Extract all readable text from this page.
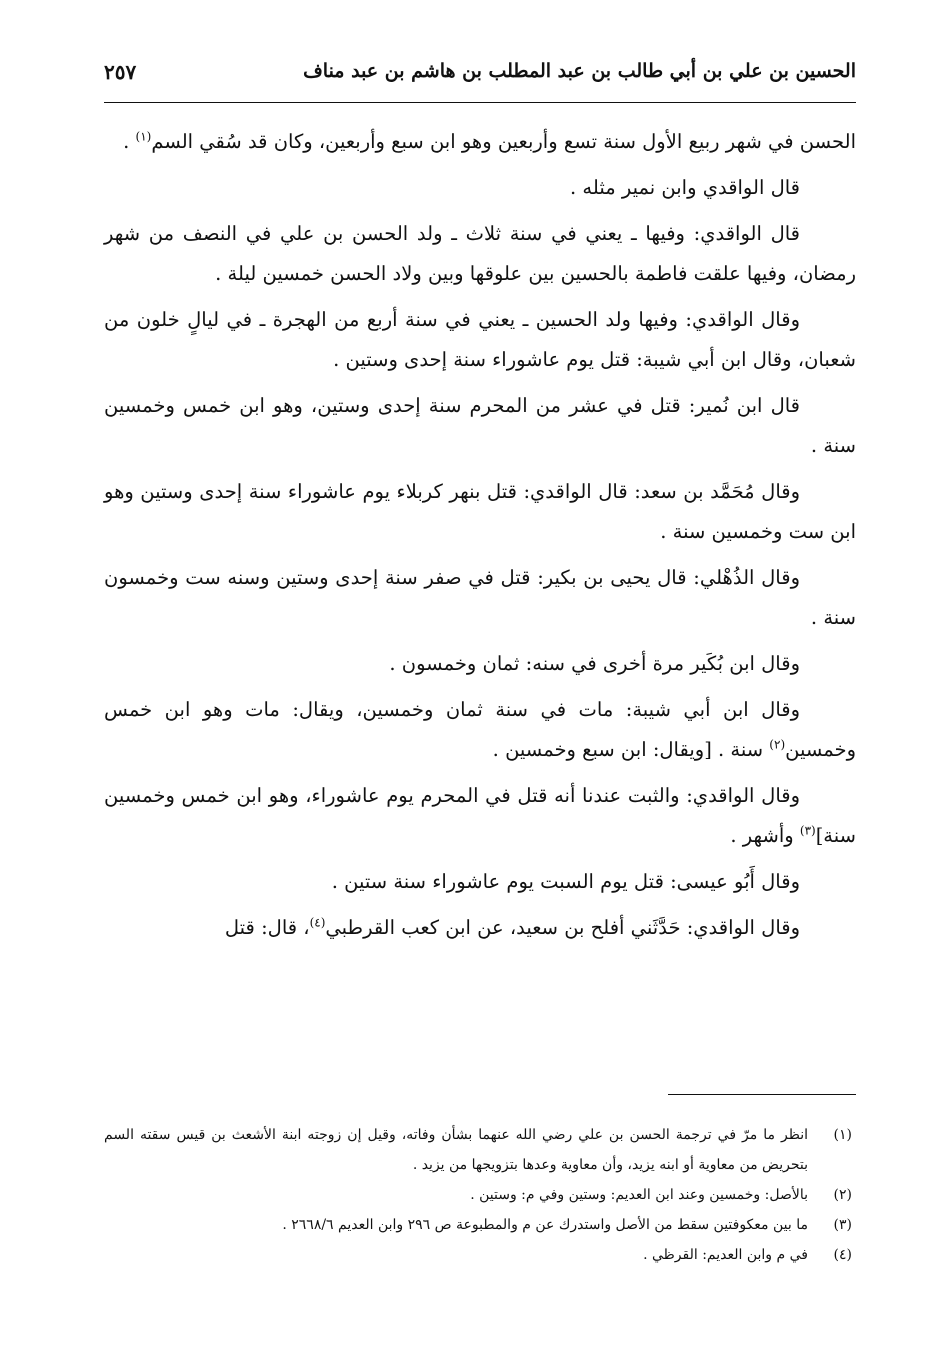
الحسين بن علي بن أبي طالب بن عبد المطلب بن هاشم بن عبد مناف
٢٥٧

الحسن في شهر ربيع الأول سنة تسع وأربعين وهو ابن سبع وأربعين، وكان قد سُقي السم$^{(١)}$ .

قال الواقدي وابن نمير مثله .

قال الواقدي: وفيها ـ يعني في سنة ثلاث ـ ولد الحسن بن علي في النصف من شهر رمضان، وفيها علقت فاطمة بالحسين بين علوقها وبين ولاد الحسن خمسين ليلة .

وقال الواقدي: وفيها ولد الحسين ـ يعني في سنة أربع من الهجرة ـ في ليالٍ خلون من شعبان، وقال ابن أبي شيبة: قتل يوم عاشوراء سنة إحدى وستين .

قال ابن نُمير: قتل في عشر من المحرم سنة إحدى وستين، وهو ابن خمس وخمسين سنة .

وقال مُحَمَّد بن سعد: قال الواقدي: قتل بنهر كربلاء يوم عاشوراء سنة إحدى وستين وهو ابن ست وخمسين سنة .

وقال الذُهْلي: قال يحيى بن بكير: قتل في صفر سنة إحدى وستين وسنه ست وخمسون سنة .

وقال ابن بُكَير مرة أخرى في سنه: ثمان وخمسون .

وقال ابن أبي شيبة: مات في سنة ثمان وخمسين، ويقال: مات وهو ابن خمس وخمسين$^{(٢)}$ سنة . [ويقال: ابن سبع وخمسين .

وقال الواقدي: والثبت عندنا أنه قتل في المحرم يوم عاشوراء، وهو ابن خمس وخمسين سنة]$^{(٣)}$ وأشهر .

وقال أَبُو عيسى: قتل يوم السبت يوم عاشوراء سنة ستين .

وقال الواقدي: حَدَّثَني أفلح بن سعيد، عن ابن كعب القرطبي$^{(٤)}$، قال: قتل

(١)
انظر ما مرّ في ترجمة الحسن بن علي رضي الله عنهما بشأن وفاته، وقيل إن زوجته ابنة الأشعث بن قيس سقته السم بتحريض من معاوية أو ابنه يزيد، وأن معاوية وعدها بتزويجها من يزيد .
(٢)
بالأصل: وخمسين وعند ابن العديم: وستين وفي م: وستين .
(٣)
ما بين معكوفتين سقط من الأصل واستدرك عن م والمطبوعة ص ٢٩٦ وابن العديم ٢٦٦٨/٦ .
(٤)
في م وابن العديم: القرظي .
